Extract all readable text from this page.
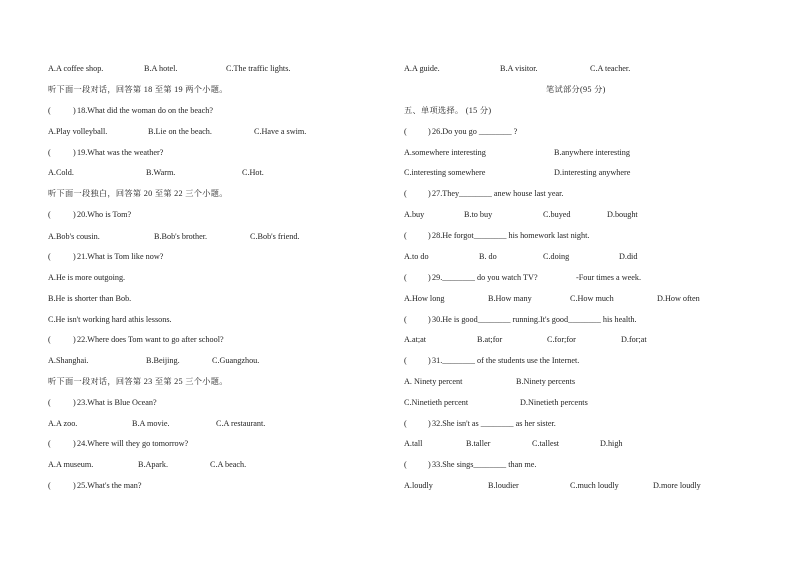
A.A coffee shop.	B.A hotel.	C.The traffic lights.
听下面一段对话，回答第 18 至第 19 两个小题。
(	) 18.What did the woman do on the beach?
A.Play volleyball.	B.Lie on the beach.	C.Have a swim.
(	) 19.What was the weather?
A.Cold.	B.Warm.	C.Hot.
听下面一段独白，回答第 20 至第 22 三个小题。
(	) 20.Who is Tom?
A.Bob's cousin.	B.Bob's brother.	C.Bob's friend.
(	) 21.What is Tom like now?
A.He is more outgoing.
B.He is shorter than Bob.
C.He isn't working hard athis lessons.
(	) 22.Where does Tom want to go after school?
A.Shanghai.	B.Beijing.	C.Guangzhou.
听下面一段对话，回答第 23 至第 25 三个小题。
(	) 23.What is Blue Ocean?
A.A zoo.	B.A movie.	C.A restaurant.
(	) 24.Where will they go tomorrow?
A.A museum.	B.Apark.	C.A beach.
(	) 25.What's the man?
A.A guide.	B.A visitor.	C.A teacher.
笔试部分(95 分)
五、单项选择。 (15 分)
(	) 26.Do you go ________ ?
A.somewhere interesting	B.anywhere interesting
C.interesting somewhere	D.interesting anywhere
(	) 27.They________ anew house last year.
A.buy	B.to buy	C.buyed	D.bought
(	) 28.He forgot________ his homework last night.
A.to do	B. do	C.doing	D.did
(	) 29.________ do you watch TV?	-Four times a week.
A.How long	B.How many	C.How much	D.How often
(	) 30.He is good________ running.It's good________ his health.
A.at;at	B.at;for	C.for;for	D.for;at
(	) 31.________ of the students use the Internet.
A. Ninety percent	B.Ninety percents
C.Ninetieth percent	D.Ninetieth percents
(	) 32.She isn't as ________ as her sister.
A.tall	B.taller	C.tallest	D.high
(	) 33.She sings________ than me.
A.loudly	B.loudier	C.much loudly	D.more loudly
